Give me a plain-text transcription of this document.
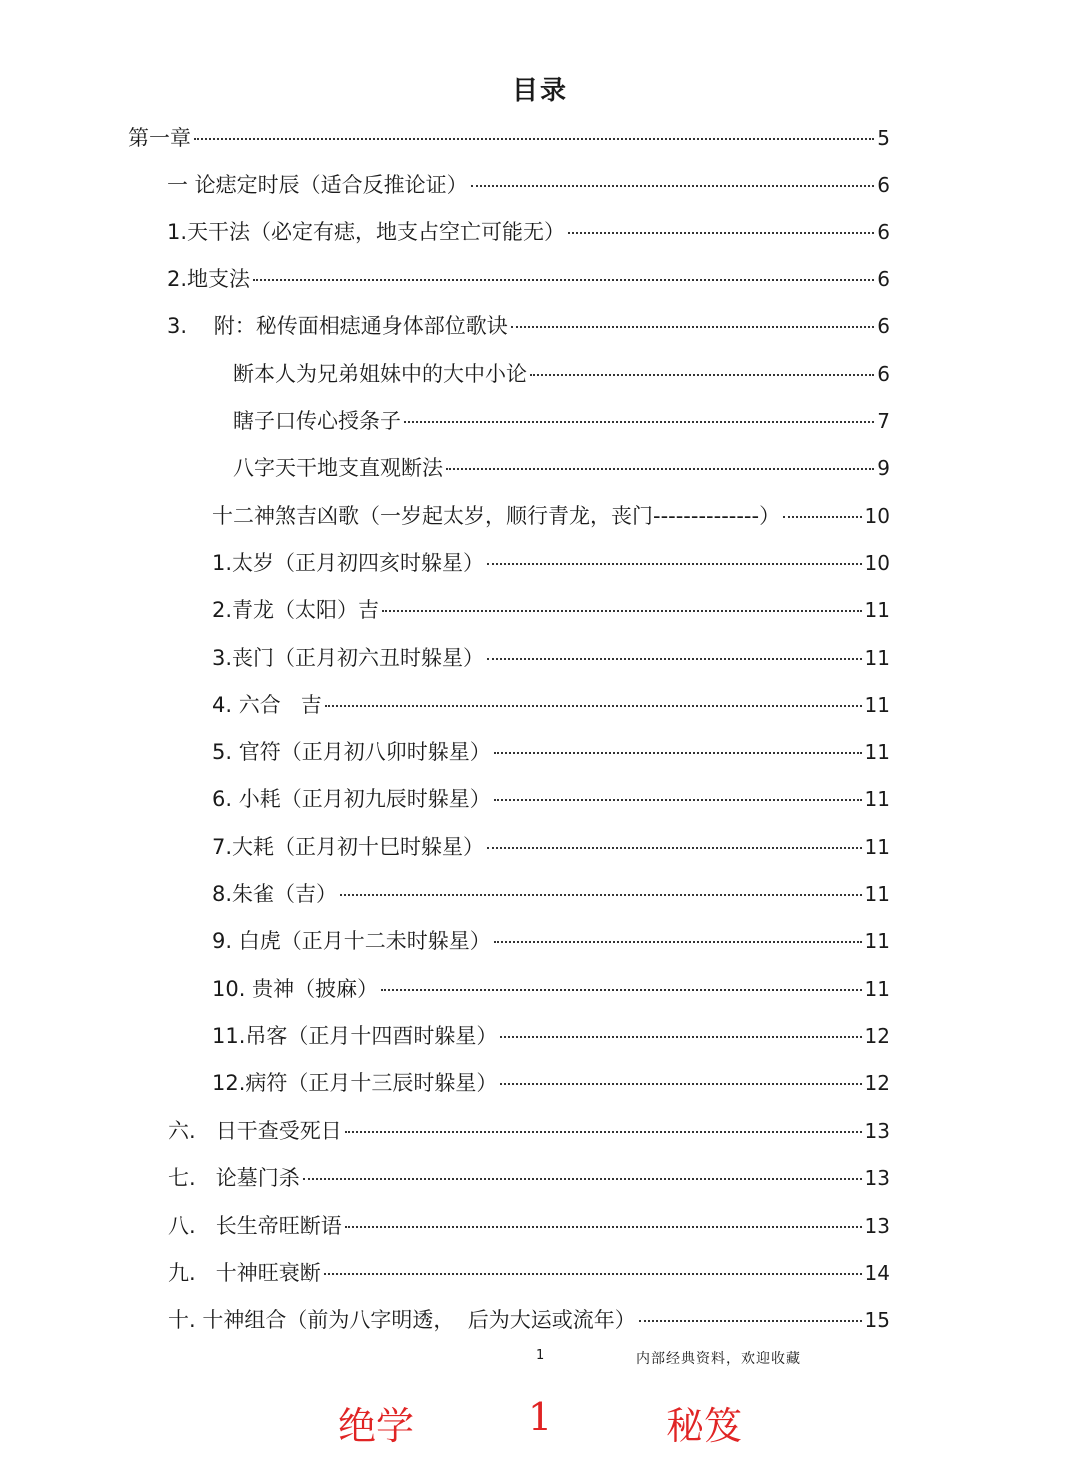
目录
第一章	5
一 论痣定时辰（适合反推论证）	6
1.天干法（必定有痣，地支占空亡可能无）	6
2.地支法	6
3.    附：秘传面相痣通身体部位歌诀	6
断本人为兄弟姐妹中的大中小论	6
瞎子口传心授条子	7
八字天干地支直观断法	9
十二神煞吉凶歌（一岁起太岁，顺行青龙，丧门--------------）	10
1.太岁（正月初四亥时躲星）	10
2.青龙（太阳）吉	11
3.丧门（正月初六丑时躲星）	11
4. 六合   吉	11
5. 官符（正月初八卯时躲星）	11
6. 小耗（正月初九辰时躲星）	11
7.大耗（正月初十巳时躲星）	11
8.朱雀（吉）	11
9. 白虎（正月十二未时躲星）	11
10. 贵神（披麻）	11
11.吊客（正月十四酉时躲星）	12
12.病符（正月十三辰时躲星）	12
六.   日干查受死日	13
七.   论墓门杀	13
八.   长生帝旺断语	13
九.   十神旺衰断	14
十. 十神组合（前为八字明透，  后为大运或流年）	15
1	内部经典资料，欢迎收藏
绝学	1	秘笈
